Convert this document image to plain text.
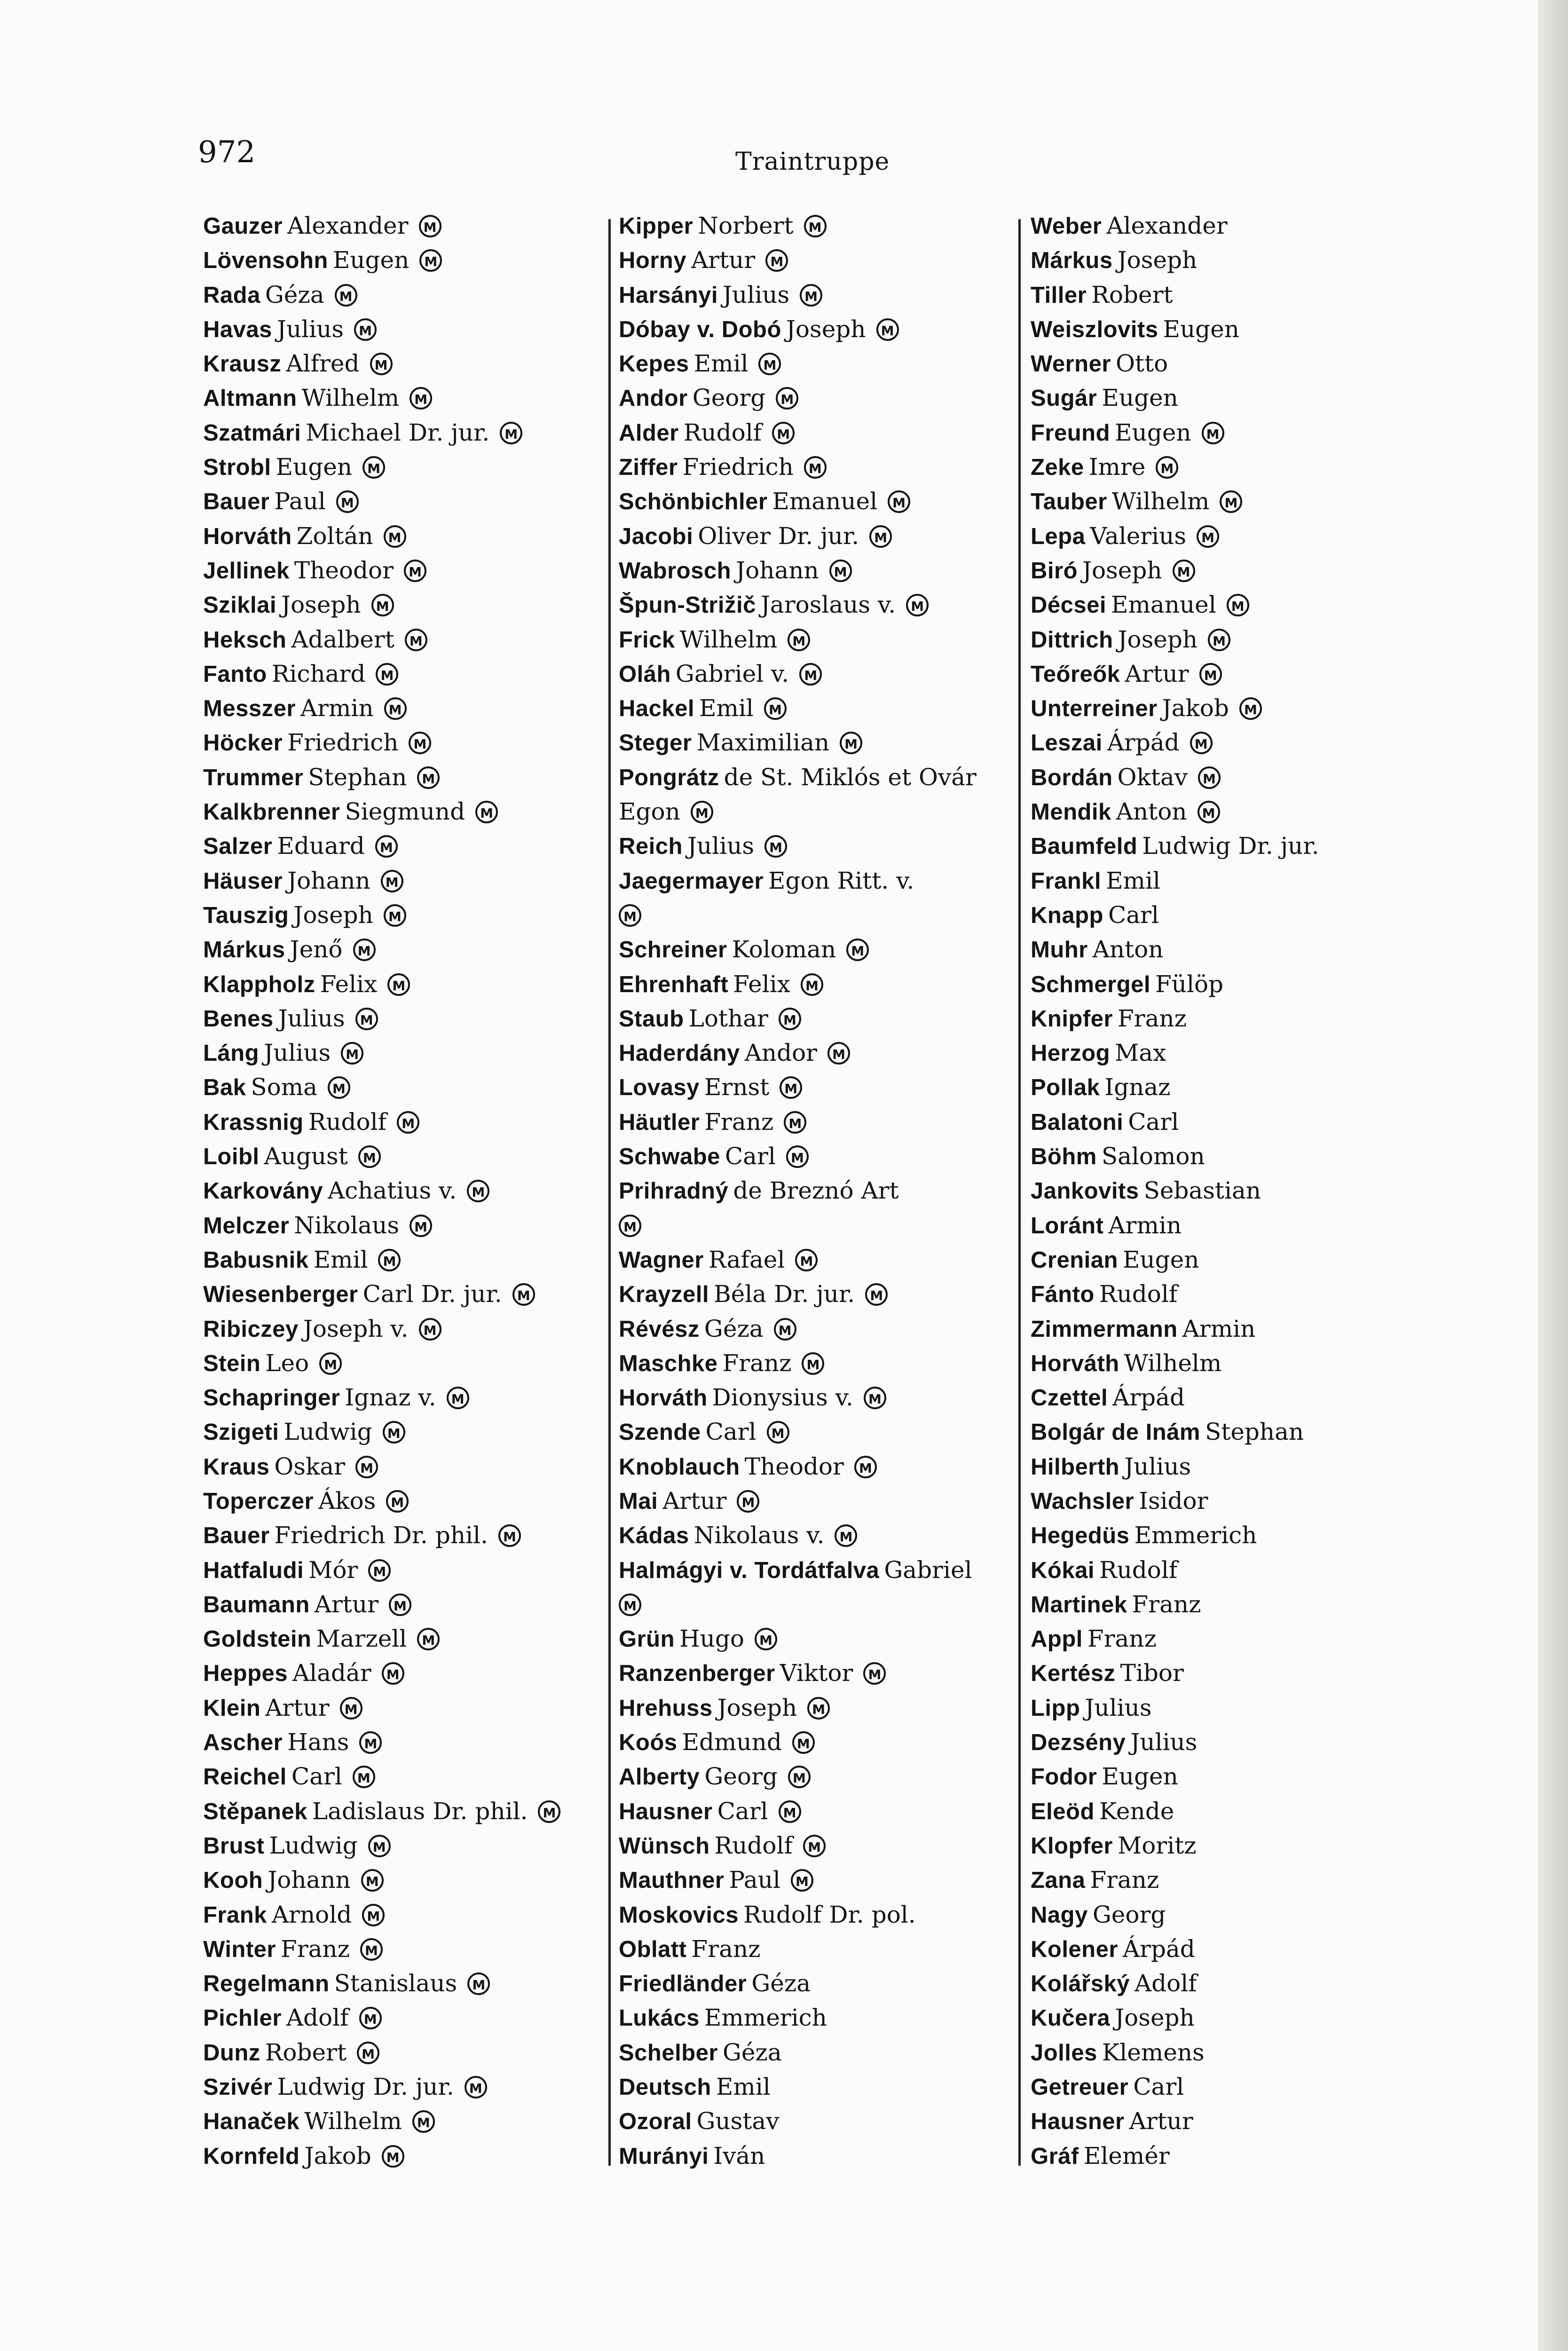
972	Traintruppe
Gauzer Alexander M
Lövensohn Eugen M
Rada Géza M
Havas Julius M
Krausz Alfred M
Altmann Wilhelm M
Szatmári Michael Dr. jur. M
Strobl Eugen M
Bauer Paul M
Horváth Zoltán M
Jellinek Theodor M
Sziklai Joseph M
Heksch Adalbert M
Fanto Richard M
Messzer Armin M
Höcker Friedrich M
Trummer Stephan M
Kalkbrenner Siegmund M
Salzer Eduard M
Häuser Johann M
Tauszig Joseph M
Márkus Jenő M
Klappholz Felix M
Benes Julius M
Láng Julius M
Bak Soma M
Krassnig Rudolf M
Loibl August M
Karkovány Achatius v. M
Melczer Nikolaus M
Babusnik Emil M
Wiesenberger Carl Dr. jur. M
Ribiczey Joseph v. M
Stein Leo M
Schapringer Ignaz v. M
Szigeti Ludwig M
Kraus Oskar M
Toperczer Ákos M
Bauer Friedrich Dr. phil. M
Hatfaludi Mór M
Baumann Artur M
Goldstein Marzell M
Heppes Aladár M
Klein Artur M
Ascher Hans M
Reichel Carl M
Stěpanek Ladislaus Dr. phil. M
Brust Ludwig M
Kooh Johann M
Frank Arnold M
Winter Franz M
Regelmann Stanislaus M
Pichler Adolf M
Dunz Robert M
Szivér Ludwig Dr. jur. M
Hanaček Wilhelm M
Kornfeld Jakob M
Kipper Norbert M
Horny Artur M
Harsányi Julius M
Dóbay v. Dobó Joseph M
Kepes Emil M
Andor Georg M
Alder Rudolf M
Ziffer Friedrich M
Schönbichler Emanuel M
Jacobi Oliver Dr. jur. M
Wabrosch Johann M
Špun-Strižič Jaroslaus v. M
Frick Wilhelm M
Oláh Gabriel v. M
Hackel Emil M
Steger Maximilian M
Pongrátz de St. Miklós et Ovár
Egon M
Reich Julius M
Jaegermayer Egon Ritt. v.
M
Schreiner Koloman M
Ehrenhaft Felix M
Staub Lothar M
Haderdány Andor M
Lovasy Ernst M
Häutler Franz M
Schwabe Carl M
Prihradný de Breznó Art
M
Wagner Rafael M
Krayzell Béla Dr. jur. M
Révész Géza M
Maschke Franz M
Horváth Dionysius v. M
Szende Carl M
Knoblauch Theodor M
Mai Artur M
Kádas Nikolaus v. M
Halmágyi v. Tordátfalva Gabriel
M
Grün Hugo M
Ranzenberger Viktor M
Hrehuss Joseph M
Koós Edmund M
Alberty Georg M
Hausner Carl M
Wünsch Rudolf M
Mauthner Paul M
Moskovics Rudolf Dr. pol.
Oblatt Franz
Friedländer Géza
Lukács Emmerich
Schelber Géza
Deutsch Emil
Ozoral Gustav
Murányi Iván
Weber Alexander
Márkus Joseph
Tiller Robert
Weiszlovits Eugen
Werner Otto
Sugár Eugen
Freund Eugen M
Zeke Imre M
Tauber Wilhelm M
Lepa Valerius M
Biró Joseph M
Décsei Emanuel M
Dittrich Joseph M
Teőreők Artur M
Unterreiner Jakob M
Leszai Árpád M
Bordán Oktav M
Mendik Anton M
Baumfeld Ludwig Dr. jur.
Frankl Emil
Knapp Carl
Muhr Anton
Schmergel Fülöp
Knipfer Franz
Herzog Max
Pollak Ignaz
Balatoni Carl
Böhm Salomon
Jankovits Sebastian
Loránt Armin
Crenian Eugen
Fánto Rudolf
Zimmermann Armin
Horváth Wilhelm
Czettel Árpád
Bolgár de Inám Stephan
Hilberth Julius
Wachsler Isidor
Hegedüs Emmerich
Kókai Rudolf
Martinek Franz
Appl Franz
Kertész Tibor
Lipp Julius
Dezsény Julius
Fodor Eugen
Eleöd Kende
Klopfer Moritz
Zana Franz
Nagy Georg
Kolener Árpád
Kolářský Adolf
Kučera Joseph
Jolles Klemens
Getreuer Carl
Hausner Artur
Gráf Elemér
